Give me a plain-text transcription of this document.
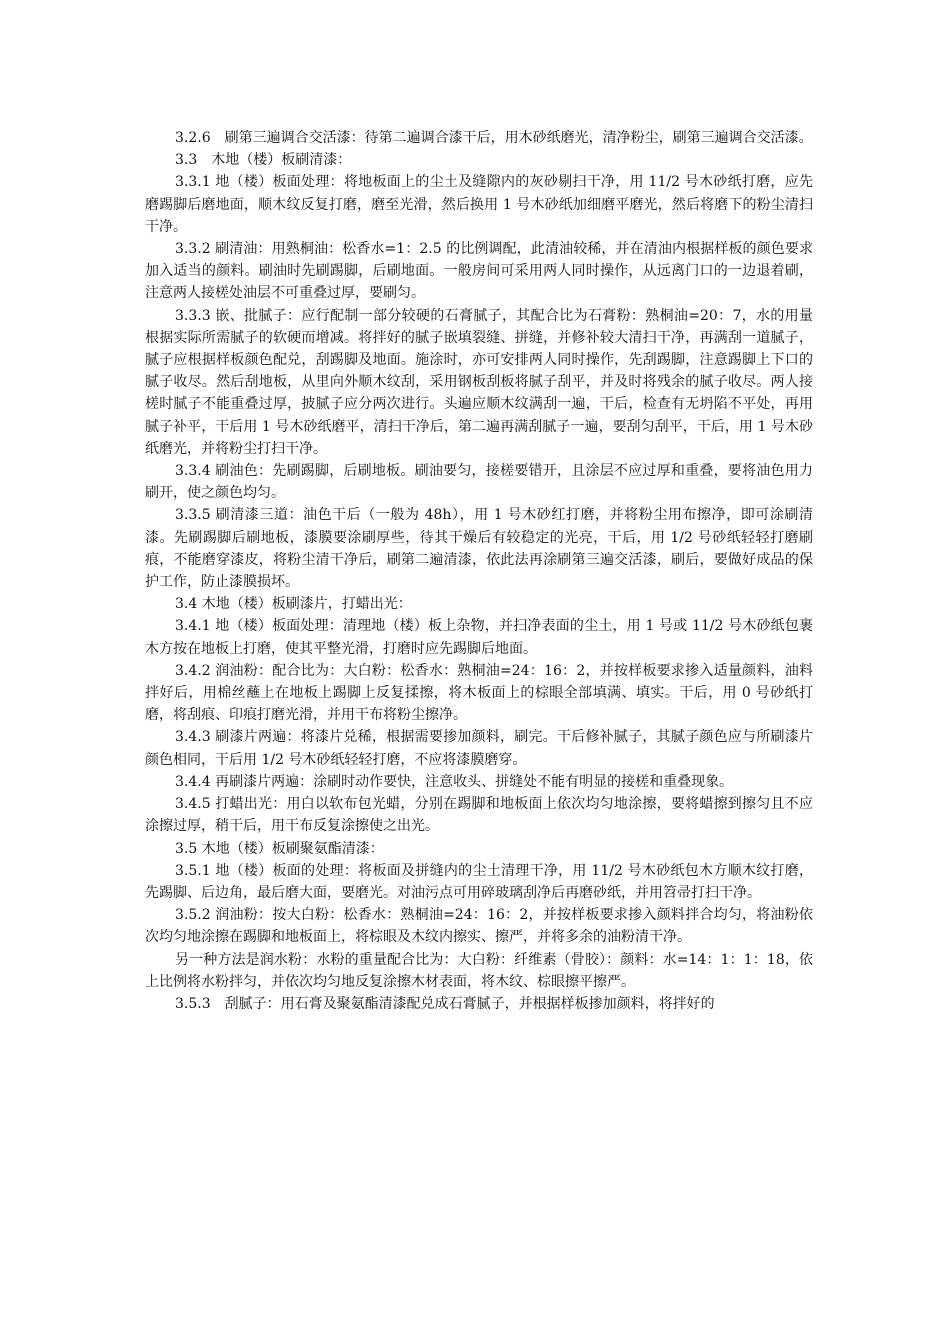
3.2.6　刷第三遍调合交活漆：待第二遍调合漆干后，用木砂纸磨光，清净粉尘，刷第三遍调合交活漆。

3.3　木地（楼）板刷清漆：

3.3.1 地（楼）板面处理：将地板面上的尘土及缝隙内的灰砂剔扫干净，用 11/2 号木砂纸打磨，应先磨踢脚后磨地面，顺木纹反复打磨，磨至光滑，然后换用 1 号木砂纸加细磨平磨光，然后将磨下的粉尘清扫干净。

3.3.2 刷清油：用熟桐油：松香水=1：2.5 的比例调配，此清油较稀，并在清油内根据样板的颜色要求加入适当的颜料。刷油时先刷踢脚，后刷地面。一般房间可采用两人同时操作，从远离门口的一边退着刷，注意两人接槎处油层不可重叠过厚，要刷匀。

3.3.3 嵌、批腻子：应行配制一部分较硬的石膏腻子，其配合比为石膏粉：熟桐油=20：7，水的用量根据实际所需腻子的软硬而增减。将拌好的腻子嵌填裂缝、拼缝，并修补较大清扫干净，再满刮一道腻子，腻子应根据样板颜色配兑，刮踢脚及地面。施涂时，亦可安排两人同时操作，先刮踢脚，注意踢脚上下口的腻子收尽。然后刮地板，从里向外顺木纹刮，采用钢板刮板将腻子刮平，并及时将残余的腻子收尽。两人接槎时腻子不能重叠过厚，披腻子应分两次进行。头遍应顺木纹满刮一遍，干后，检查有无坍陷不平处，再用腻子补平，干后用 1 号木砂纸磨平，清扫干净后，第二遍再满刮腻子一遍，要刮匀刮平，干后，用 1 号木砂纸磨光，并将粉尘打扫干净。

3.3.4 刷油色：先刷踢脚，后刷地板。刷油要匀，接槎要错开，且涂层不应过厚和重叠，要将油色用力刷开，使之颜色均匀。

3.3.5 刷清漆三道：油色干后（一般为 48h），用 1 号木砂红打磨，并将粉尘用布擦净，即可涂刷清漆。先刷踢脚后刷地板，漆膜要涂刷厚些，待其干燥后有较稳定的光亮，干后，用 1/2 号砂纸轻轻打磨刷痕，不能磨穿漆皮，将粉尘清干净后，刷第二遍清漆，依此法再涂刷第三遍交活漆，刷后，要做好成品的保护工作，防止漆膜损坏。

3.4 木地（楼）板刷漆片，打蜡出光：

3.4.1 地（楼）板面处理：清理地（楼）板上杂物，并扫净表面的尘土，用 1 号或 11/2 号木砂纸包裹木方按在地板上打磨，使其平整光滑，打磨时应先踢脚后地面。

3.4.2 润油粉：配合比为：大白粉：松香水：熟桐油=24：16：2，并按样板要求掺入适量颜料，油料拌好后，用棉丝蘸上在地板上踢脚上反复揉擦，将木板面上的棕眼全部填满、填实。干后，用 0 号砂纸打磨，将刮痕、印痕打磨光滑，并用干布将粉尘擦净。

3.4.3 刷漆片两遍：将漆片兑稀，根据需要掺加颜料，刷完。干后修补腻子，其腻子颜色应与所刷漆片颜色相同，干后用 1/2 号木砂纸轻轻打磨，不应将漆膜磨穿。

3.4.4 再刷漆片两遍：涂刷时动作要快，注意收头、拼缝处不能有明显的接槎和重叠现象。

3.4.5 打蜡出光：用白以软布包光蜡，分别在踢脚和地板面上依次均匀地涂擦，要将蜡擦到擦匀且不应涂擦过厚，稍干后，用干布反复涂擦使之出光。

3.5 木地（楼）板刷聚氨酯清漆：

3.5.1 地（楼）板面的处理：将板面及拼缝内的尘土清理干净，用 11/2 号木砂纸包木方顺木纹打磨，先踢脚、后边角，最后磨大面，要磨光。对油污点可用碎玻璃刮净后再磨砂纸，并用笤帚打扫干净。

3.5.2 润油粉：按大白粉：松香水：熟桐油=24：16：2，并按样板要求掺入颜料拌合均匀，将油粉依次均匀地涂擦在踢脚和地板面上，将棕眼及木纹内擦实、擦严，并将多余的油粉清干净。

另一种方法是润水粉：水粉的重量配合比为：大白粉：纤维素（骨胶）：颜料：水=14：1：1：18，依上比例将水粉拌匀，并依次均匀地反复涂擦木材表面，将木纹、棕眼擦平擦严。

3.5.3　刮腻子：用石膏及聚氨酯清漆配兑成石膏腻子，并根据样板掺加颜料，将拌好的
